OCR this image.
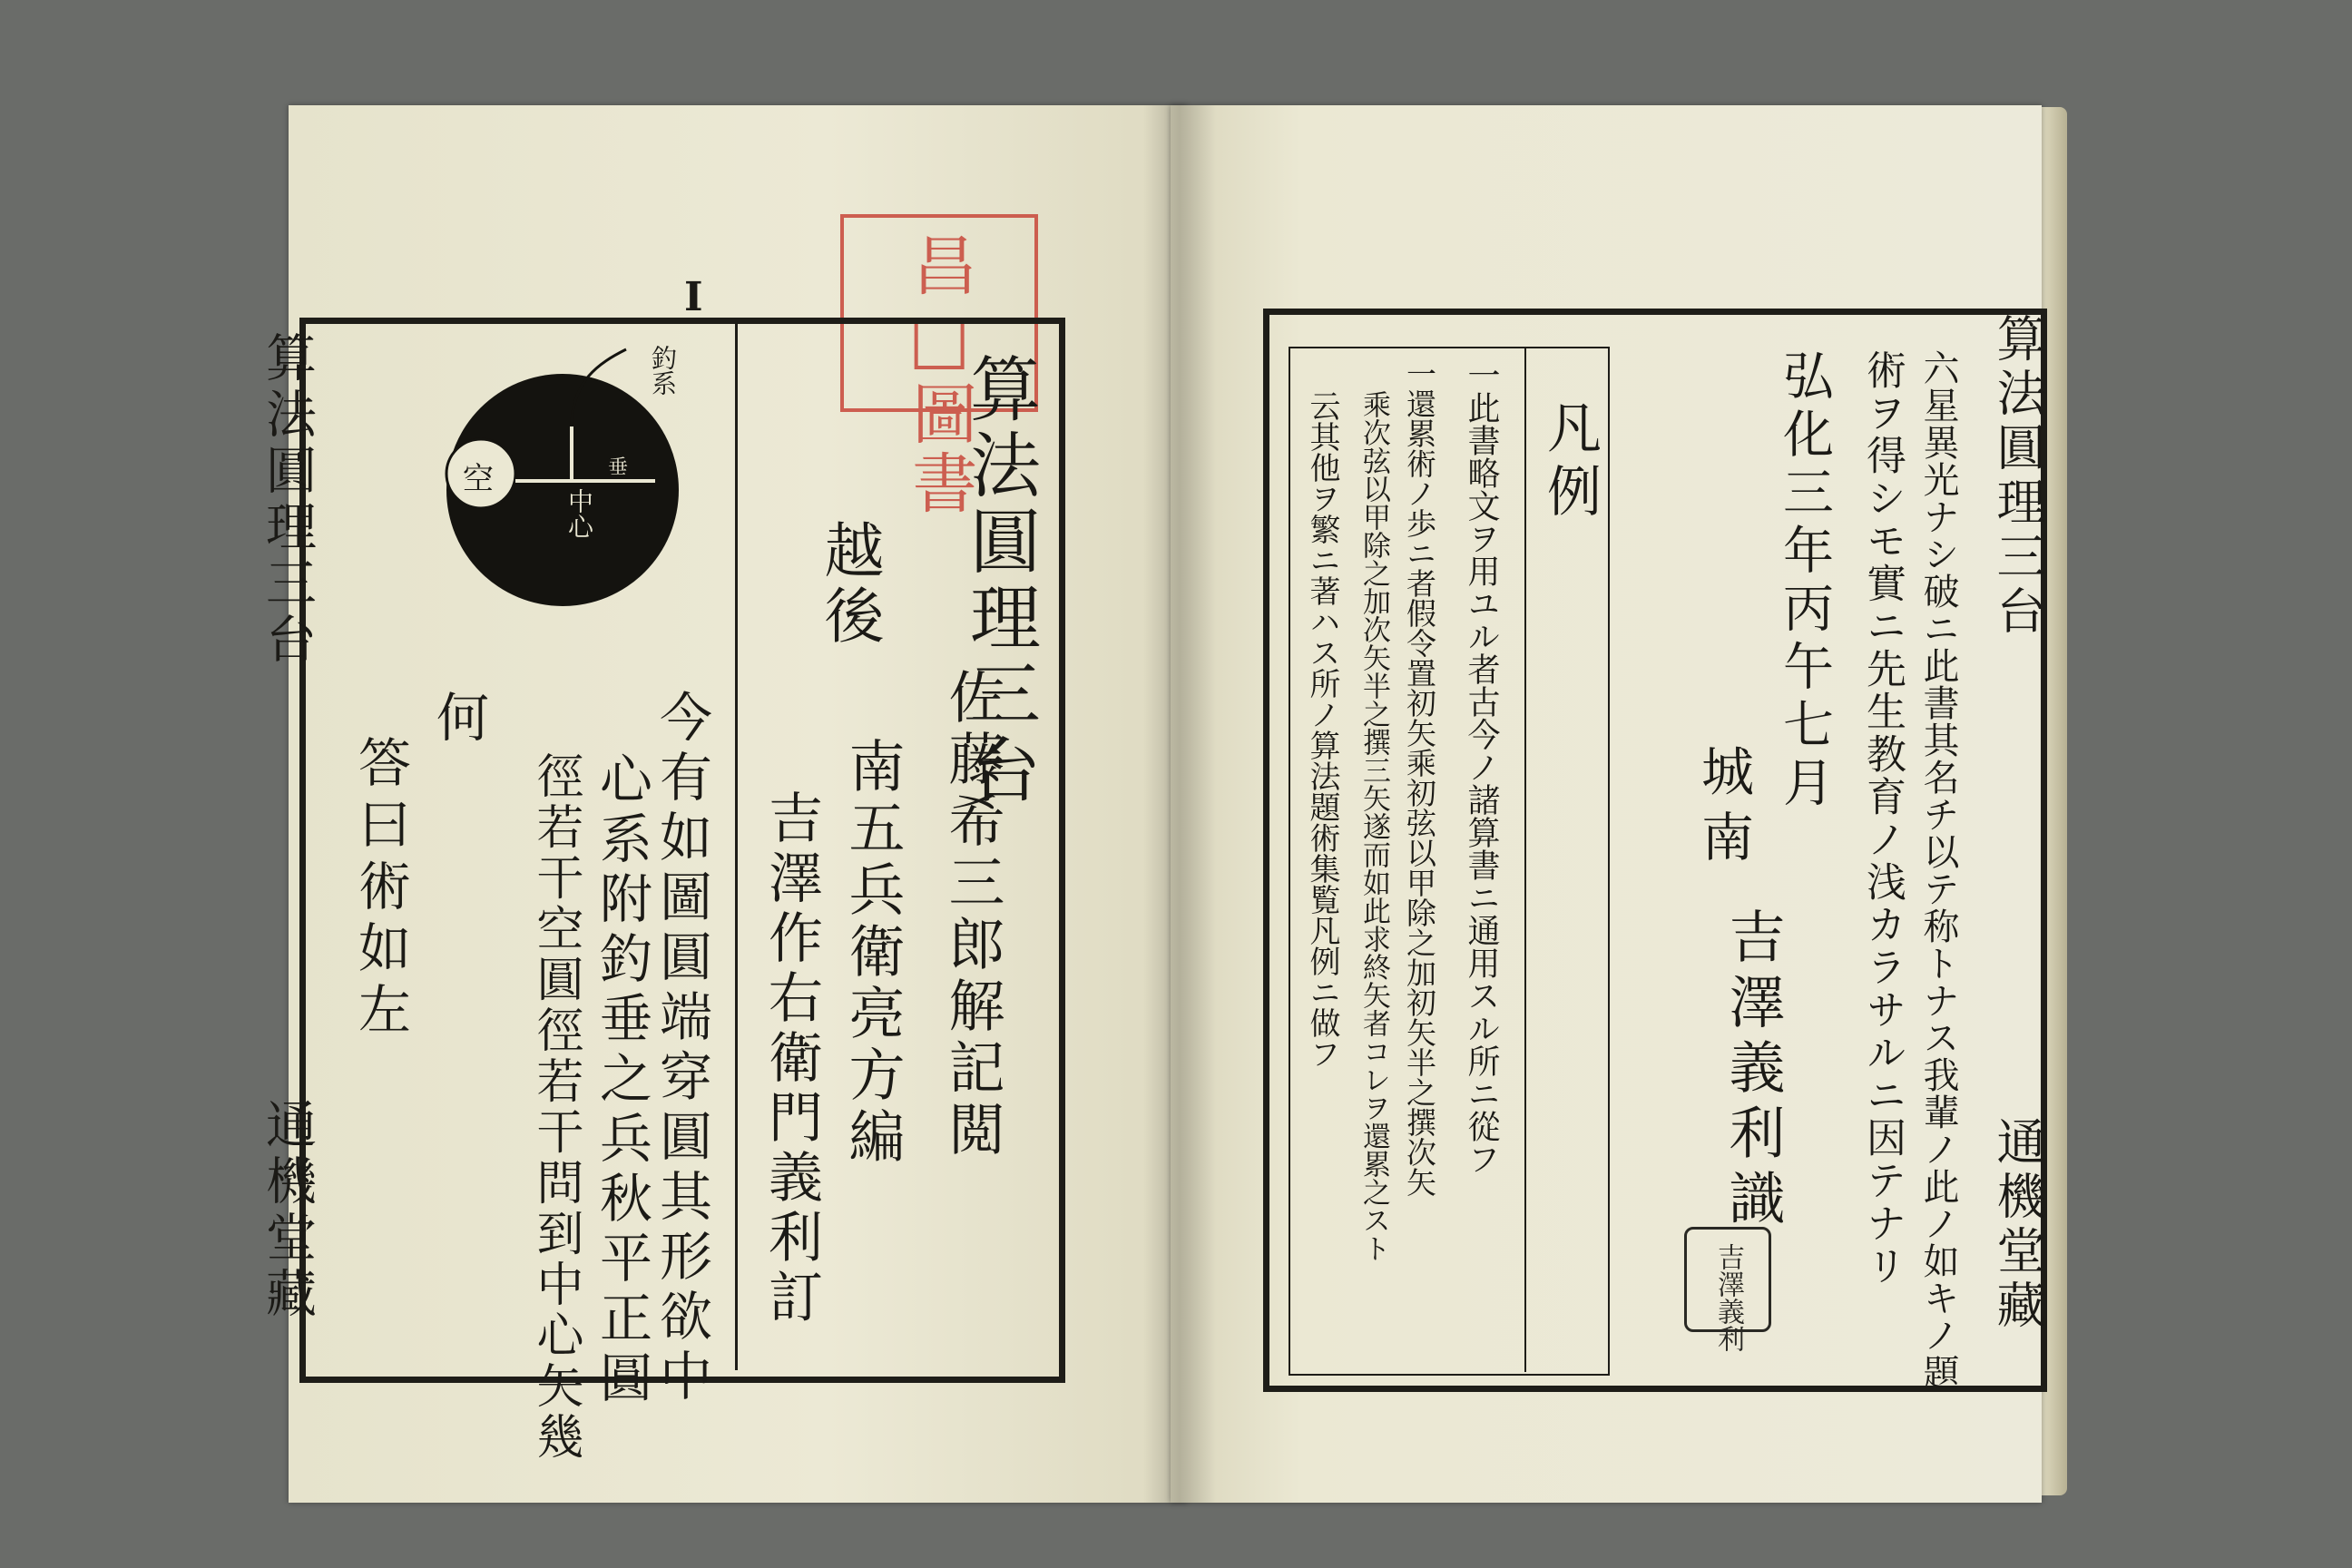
I	昌□圖書
算法圓理三台
通機堂藏
算法圓理三台
越後
佐藤希三郎解記閲
南五兵衛亮方編
吉澤作右衛門義利訂
釣系
空
中心
垂
今有如圖圓端穿圓其形欲中
心系附釣垂之兵秋平正圓
徑若干空圓徑若干問到中心矢幾
何
答曰術如左
算法圓理三台
通機堂藏
六星異光ナシ破ニ此書其名チ以テ称トナス我輩ノ此ノ如キノ題
術ヲ得シモ實ニ先生教育ノ浅カラサルニ因テナリ
弘化三年丙午七月
城南
吉澤義利識
吉澤義利
凡例
一此書略文ヲ用ユル者古今ノ諸算書ニ通用スル所ニ從フ
一還累術ノ歩ニ者假令置初矢乘初弦以甲除之加初矢半之撰次矢
乘次弦以甲除之加次矢半之撰三矢遂而如此求終矢者コレヲ還累之スト
云其他ヲ繁ニ著ハス所ノ算法題術集覧凡例ニ做フ
